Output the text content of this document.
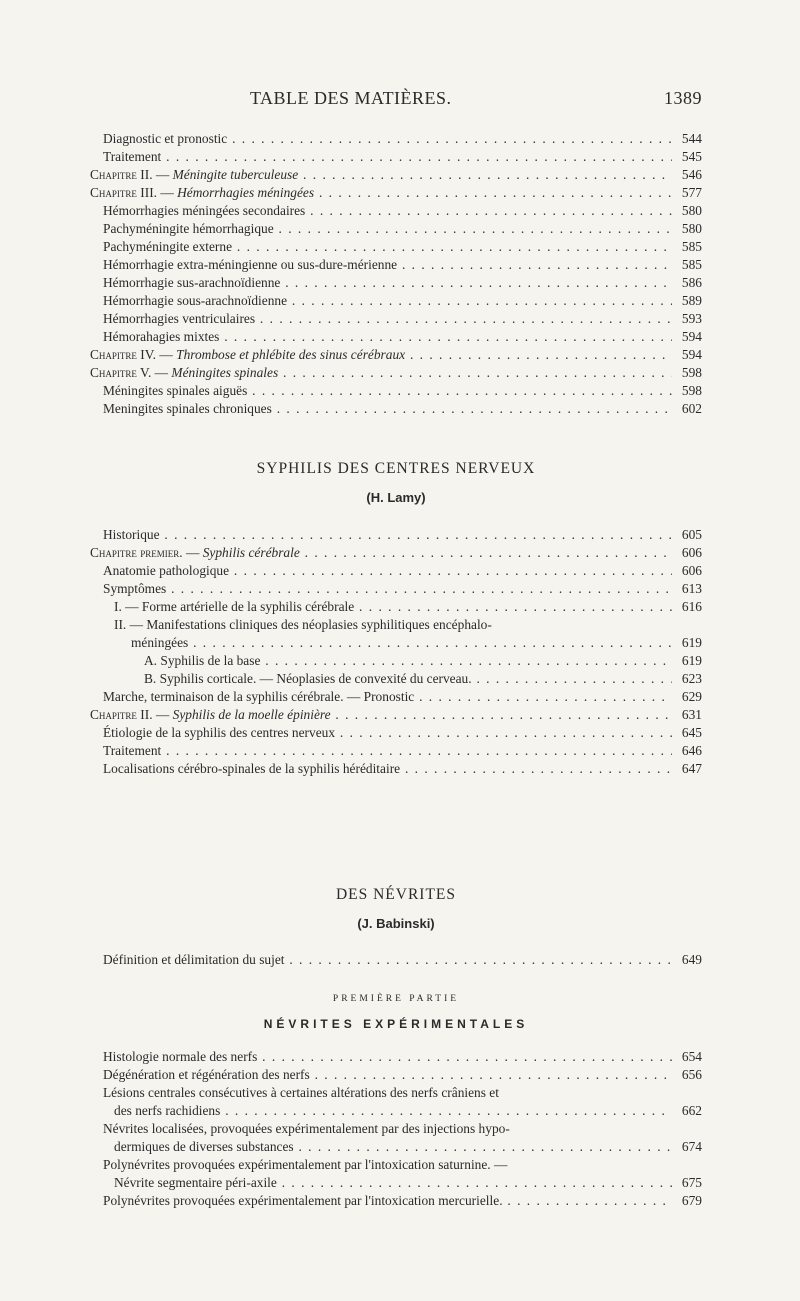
TABLE DES MATIÈRES.	1389
Diagnostic et pronostic . . .	544
Traitement . . .	545
Chapitre II. — Méningite tuberculeuse . . .	546
Chapitre III. — Hémorrhagies méningées . . .	577
Hémorrhagies méningées secondaires . . .	580
Pachyméningite hémorrhagique . . .	580
Pachyméningite externe . . .	585
Hémorrhagie extra-méningienne ou sus-dure-mérienne . . .	585
Hémorrhagie sus-arachnoïdienne . . .	586
Hémorrhagie sous-arachnoïdienne . . .	589
Hémorrhagies ventriculaires . . .	593
Hémorahagies mixtes . . .	594
Chapitre IV. — Thrombose et phlébite des sinus cérébraux . . .	594
Chapitre V. — Méningites spinales . . .	598
Méningites spinales aiguës . . .	598
Meningites spinales chroniques . . .	602
SYPHILIS DES CENTRES NERVEUX
(H. Lamy)
Historique . . .	605
Chapitre premier. — Syphilis cérébrale . . .	606
Anatomie pathologique . . .	606
Symptômes . . .	613
I. — Forme artérielle de la syphilis cérébrale . . .	616
II. — Manifestations cliniques des néoplasies syphilitiques encéphalo-
méningées . . .	619
A. Syphilis de la base . . .	619
B. Syphilis corticale. — Néoplasies de convexité du cerveau. . . .	623
Marche, terminaison de la syphilis cérébrale. — Pronostic . . .	629
Chapitre II. — Syphilis de la moelle épinière . . .	631
Étiologie de la syphilis des centres nerveux . . .	645
Traitement . . .	646
Localisations cérébro-spinales de la syphilis héréditaire . . .	647
DES NÉVRITES
(J. Babinski)
Définition et délimitation du sujet . . .	649
PREMIÈRE PARTIE
NÉVRITES EXPÉRIMENTALES
Histologie normale des nerfs . . .	654
Dégénération et régénération des nerfs . . .	656
Lésions centrales consécutives à certaines altérations des nerfs crâniens et
des nerfs rachidiens . . .	662
Névrites localisées, provoquées expérimentalement par des injections hypo-
dermiques de diverses substances . . .	674
Polynévrites provoquées expérimentalement par l'intoxication saturnine. —
Névrite segmentaire péri-axile . . .	675
Polynévrites provoquées expérimentalement par l'intoxication mercurielle. . . .	679
